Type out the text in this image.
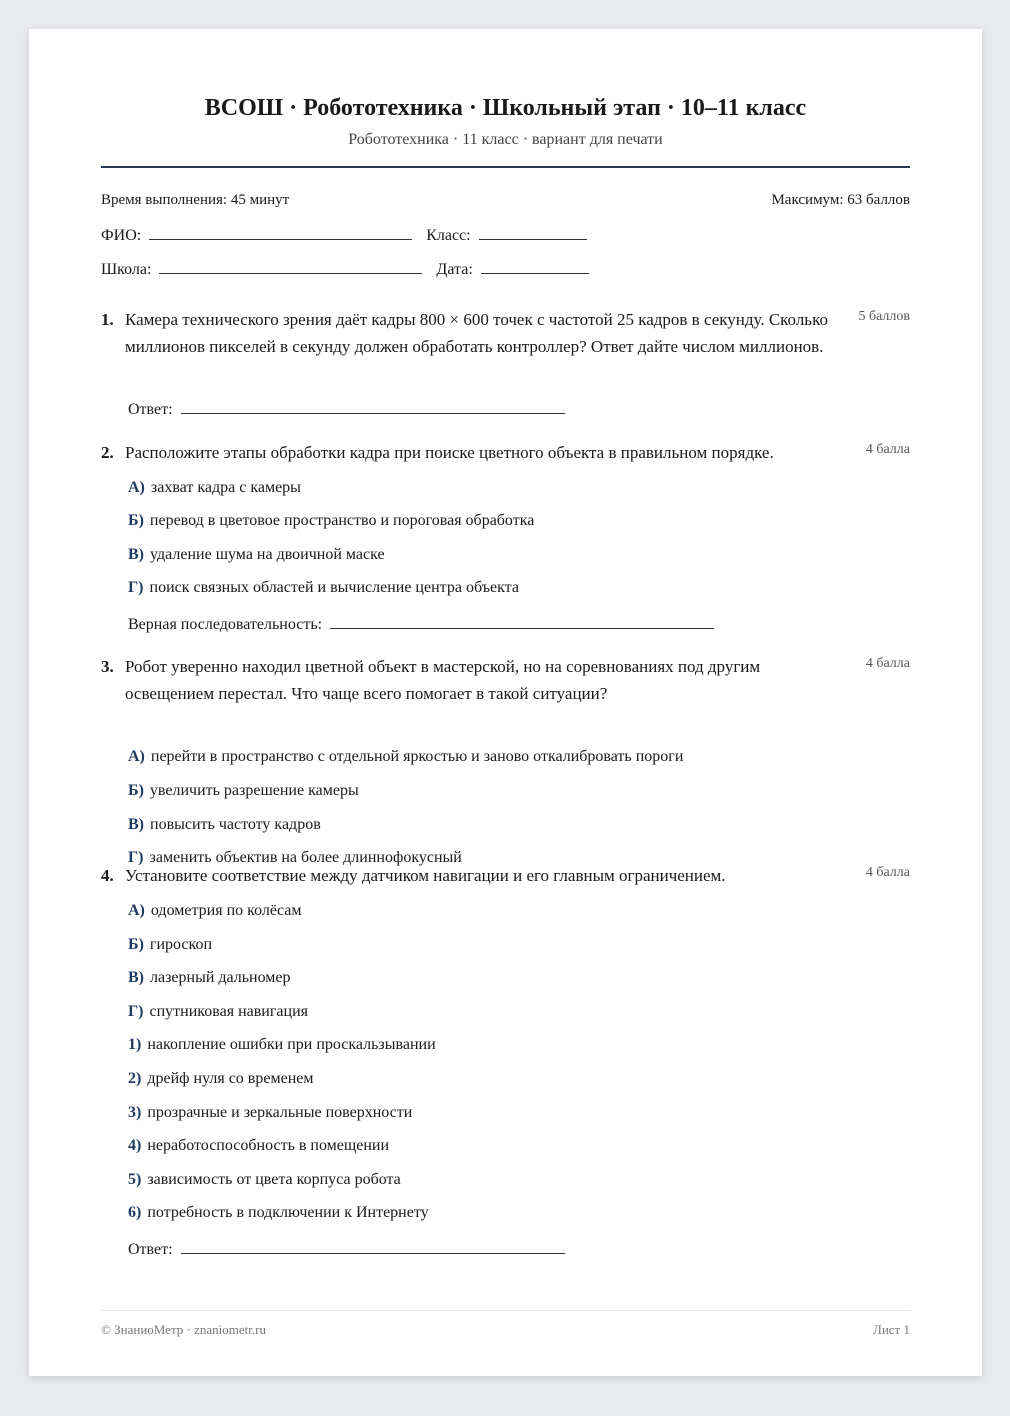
ВСОШ · Робототехника · Школьный этап · 10–11 класс
Робототехника · 11 класс · вариант для печати
Время выполнения: 45 минут	Максимум: 63 баллов
ФИО:	Класс:
Школа:	Дата:
1. Камера технического зрения даёт кадры 800 × 600 точек с частотой 25 кадров в секунду. Сколько миллионов пикселей в секунду должен обработать контроллер? Ответ дайте числом миллионов.
5 баллов
Ответ:
2. Расположите этапы обработки кадра при поиске цветного объекта в правильном порядке.	4 балла
А) захват кадра с камеры
Б) перевод в цветовое пространство и пороговая обработка
В) удаление шума на двоичной маске
Г) поиск связных областей и вычисление центра объекта
Верная последовательность:
3. Робот уверенно находил цветной объект в мастерской, но на соревнованиях под другим освещением перестал. Что чаще всего помогает в такой ситуации?
4 балла
А) перейти в пространство с отдельной яркостью и заново откалибровать пороги
Б) увеличить разрешение камеры
В) повысить частоту кадров
Г) заменить объектив на более длиннофокусный
4. Установите соответствие между датчиком навигации и его главным ограничением.	4 балла
А) одометрия по колёсам
Б) гироскоп
В) лазерный дальномер
Г) спутниковая навигация
1) накопление ошибки при проскальзывании
2) дрейф нуля со временем
3) прозрачные и зеркальные поверхности
4) неработоспособность в помещении
5) зависимость от цвета корпуса робота
6) потребность в подключении к Интернету
Ответ:
© ЗнаниоМетр · znaniometr.ru	Лист 1
